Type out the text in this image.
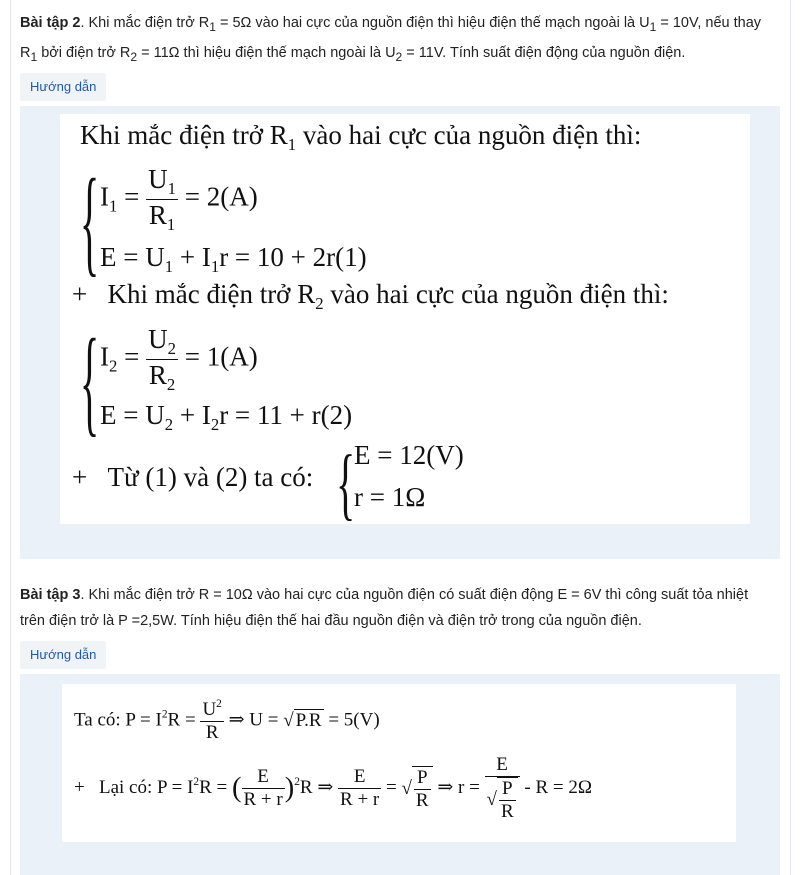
Bài tập 2. Khi mắc điện trở $R_1 = 5\Omega$ vào hai cực của nguồn điện thì hiệu điện thế mạch ngoài là $U_1 = 10V$, nếu thay
$R_1$ bởi điện trở $R_2 = 11\Omega$ thì hiệu điện thế mạch ngoài là $U_2 = 11V$. Tính suất điện động của nguồn điện.
Hướng dẫn
Khi mắc điện trở $R_1$ vào hai cực của nguồn điện thì:
{ $I_1 = \frac{U_1}{R_1} = 2(A)$
$E = U_1 + I_1r = 10 + 2r(1)$
+ Khi mắc điện trở $R_2$ vào hai cực của nguồn điện thì:
{ $I_2 = \frac{U_2}{R_2} = 1(A)$
$E = U_2 + I_2r = 11 + r(2)$
+ Từ (1) và (2) ta có: {
E = 12(V)
r = 1Ω
Bài tập 3. Khi mắc điện trở R = 10Ω vào hai cực của nguồn điện có suất điện động E = 6V thì công suất tỏa nhiệt
trên điện trở là P =2,5W. Tính hiệu điện thế hai đầu nguồn điện và điện trở trong của nguồn điện.
Hướng dẫn
Ta có: $P = I^2R = \frac{U^2}{R}$ ⇒ U = √ P.R = 5(V)
+ Lại có: $P = I^2R$ = ( $\frac{E}{R + r} )^2R$ ⇒ $\frac{E}{R + r}$ = √ $\frac{P}{R}$ ⇒ $r = \frac{E}{√ \frac{P}{R}} - R = 2\Omega$
